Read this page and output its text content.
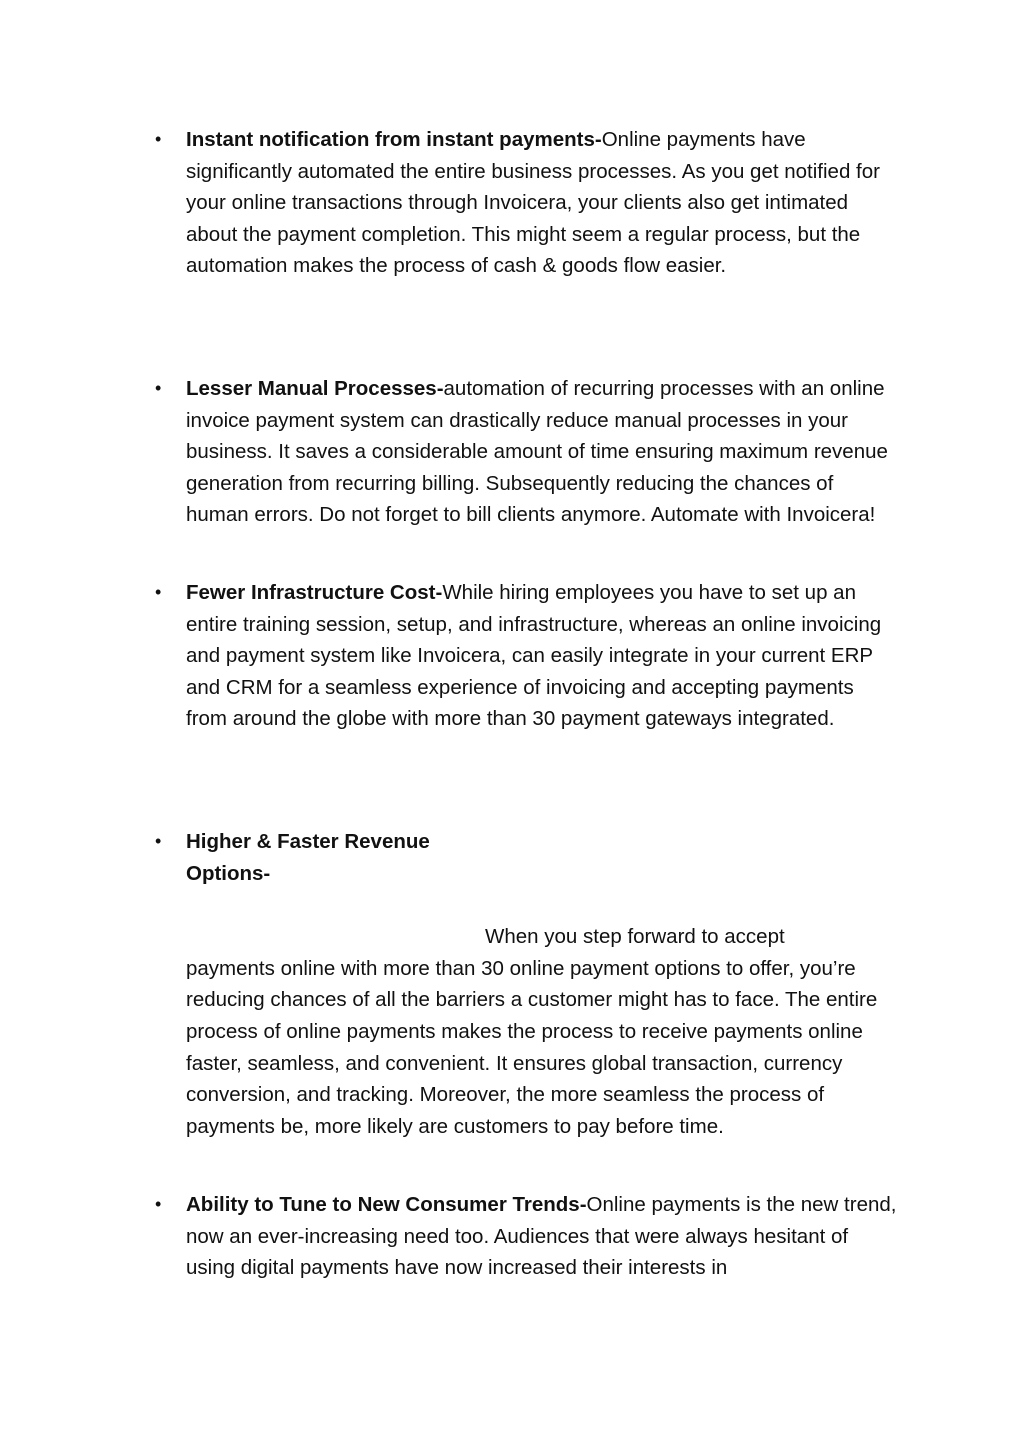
• Instant notification from instant payments-Online payments have significantly automated the entire business processes. As you get notified for your online transactions through Invoicera, your clients also get intimated about the payment completion. This might seem a regular process, but the automation makes the process of cash & goods flow easier.
• Lesser Manual Processes-automation of recurring processes with an online invoice payment system can drastically reduce manual processes in your business. It saves a considerable amount of time ensuring maximum revenue generation from recurring billing. Subsequently reducing the chances of human errors. Do not forget to bill clients anymore. Automate with Invoicera!
• Fewer Infrastructure Cost-While hiring employees you have to set up an entire training session, setup, and infrastructure, whereas an online invoicing and payment system like Invoicera, can easily integrate in your current ERP and CRM for a seamless experience of invoicing and accepting payments from around the globe with more than 30 payment gateways integrated.
• Higher & Faster Revenue Options-
When you step forward to accept
payments online with more than 30 online payment options to offer, you’re reducing chances of all the barriers a customer might has to face. The entire process of online payments makes the process to receive payments online faster, seamless, and convenient. It ensures global transaction, currency conversion, and tracking. Moreover, the more seamless the process of payments be, more likely are customers to pay before time.
• Ability to Tune to New Consumer Trends-Online payments is the new trend, now an ever-increasing need too. Audiences that were always hesitant of using digital payments have now increased their interests in
